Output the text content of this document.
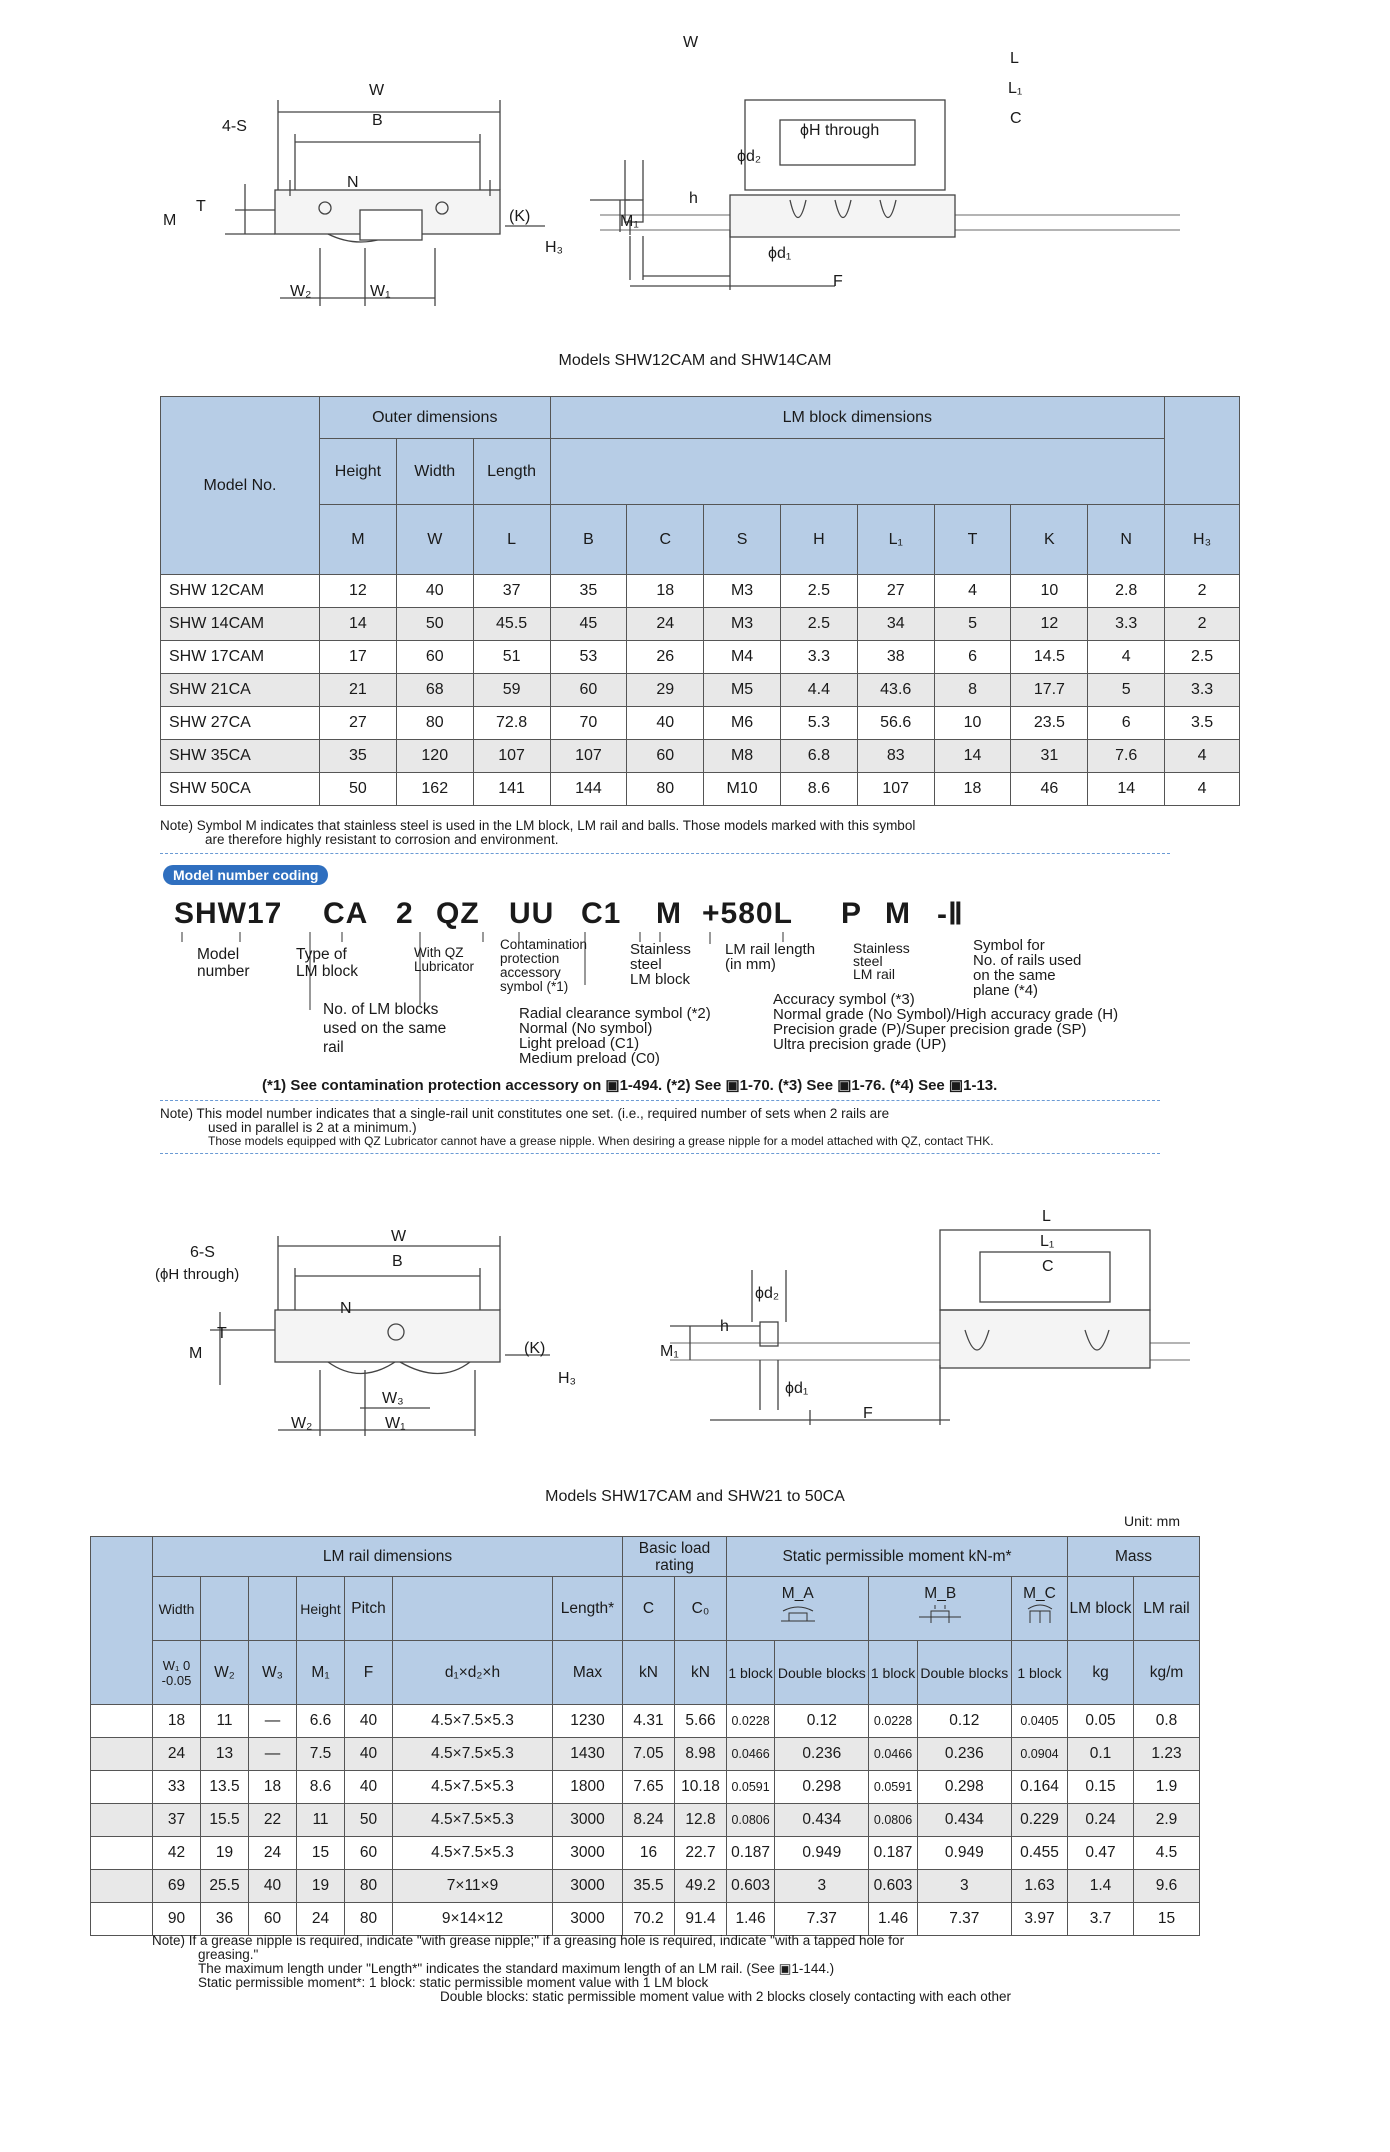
W
4-S
W
B
N
T
M	(K)
H₃
W₂	W₁
L
L₁
C
ϕH through
ϕd₂
h
M₁
ϕd₁
F
Models SHW12CAM and SHW14CAM
Model No.	Outer dimensions			LM block dimensions								
	Height	Width	Length									
	M	W	L	B	C	S	H	L₁	T	K	N	H₃
SHW 12CAM	12	40	37	35	18	M3	2.5	27	4	10	2.8	2
SHW 14CAM	14	50	45.5	45	24	M3	2.5	34	5	12	3.3	2
SHW 17CAM	17	60	51	53	26	M4	3.3	38	6	14.5	4	2.5
SHW 21CA	21	68	59	60	29	M5	4.4	43.6	8	17.7	5	3.3
SHW 27CA	27	80	72.8	70	40	M6	5.3	56.6	10	23.5	6	3.5
SHW 35CA	35	120	107	107	60	M8	6.8	83	14	31	7.6	4
SHW 50CA	50	162	141	144	80	M10	8.6	107	18	46	14	4
Note) Symbol M indicates that stainless steel is used in the LM block, LM rail and balls. Those models marked with this symbol
are therefore highly resistant to corrosion and environment.
Model number coding
SHW17 CA 2 QZ UU C1 M +580L P M -Ⅱ
Model
number
Type of
LM block
With QZ
Lubricator
Contamination
protection
accessory
symbol (*1)
Stainless
steel
LM block
LM rail length
(in mm)
Stainless
steel
LM rail
Symbol for
No. of rails used
on the same
plane (*4)
No. of LM blocks
used on the same
rail
Radial clearance symbol (*2)
Normal (No symbol)
Light preload (C1)
Medium preload (C0)
Accuracy symbol (*3)
Normal grade (No Symbol)/High accuracy grade (H)
Precision grade (P)/Super precision grade (SP)
Ultra precision grade (UP)
(*1) See contamination protection accessory on ▣1-494. (*2) See ▣1-70. (*3) See ▣1-76. (*4) See ▣1-13.
Note) This model number indicates that a single-rail unit constitutes one set. (i.e., required number of sets when 2 rails are
used in parallel is 2 at a minimum.)
Those models equipped with QZ Lubricator cannot have a grease nipple. When desiring a grease nipple for a model attached with QZ, contact THK.
6-S
(ϕH through)
W
B
N
T
M	(K)
H₃
W₃
W₂	W₁
L
L₁
C
ϕd₂
h
M₁
ϕd₁
F
Models SHW17CAM and SHW21 to 50CA
Unit: mm
	LM rail dimensions							Basic load rating		Static permissible moment kN-m*					Mass	
	Width			Height	Pitch		Length*	C	C₀	M_A		M_B		M_C	LM block	LM rail
	W₁ 0 -0.05	W₂	W₃	M₁	F	d₁×d₂×h	Max	kN	kN	1 block	Double blocks	1 block	Double blocks	1 block	kg	kg/m
	18	11	—	6.6	40	4.5×7.5×5.3	1230	4.31	5.66	0.0228	0.12	0.0228	0.12	0.0405	0.05	0.8
	24	13	—	7.5	40	4.5×7.5×5.3	1430	7.05	8.98	0.0466	0.236	0.0466	0.236	0.0904	0.1	1.23
	33	13.5	18	8.6	40	4.5×7.5×5.3	1800	7.65	10.18	0.0591	0.298	0.0591	0.298	0.164	0.15	1.9
	37	15.5	22	11	50	4.5×7.5×5.3	3000	8.24	12.8	0.0806	0.434	0.0806	0.434	0.229	0.24	2.9
	42	19	24	15	60	4.5×7.5×5.3	3000	16	22.7	0.187	0.949	0.187	0.949	0.455	0.47	4.5
	69	25.5	40	19	80	7×11×9	3000	35.5	49.2	0.603	3	0.603	3	1.63	1.4	9.6
	90	36	60	24	80	9×14×12	3000	70.2	91.4	1.46	7.37	1.46	7.37	3.97	3.7	15
Note) If a grease nipple is required, indicate "with grease nipple;" if a greasing hole is required, indicate "with a tapped hole for
greasing."
The maximum length under "Length*" indicates the standard maximum length of an LM rail. (See ▣1-144.)
Static permissible moment*: 1 block: static permissible moment value with 1 LM block
Double blocks: static permissible moment value with 2 blocks closely contacting with each other
